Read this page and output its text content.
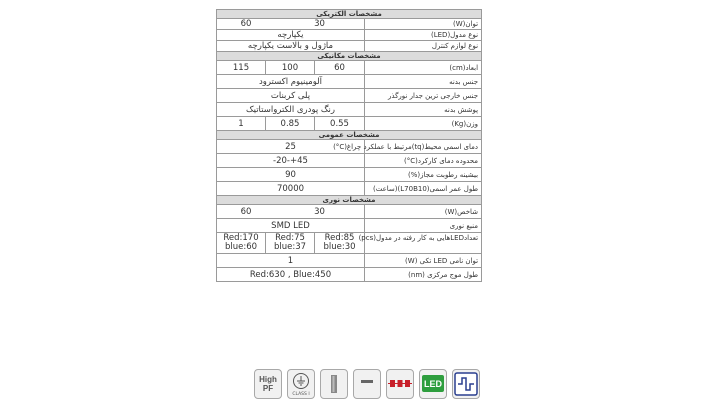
مشخصات الکتریکی			

60 30			توان(W)
یکپارچه			نوع مدول(LED)
ماژول و بالاست یکپارچه			نوع لوازم کنترل
مشخصات مکانیکی			
115	100	60	ابعاد(cm)
آلومینیوم اکسترود			جنس بدنه
پلی کربنات			جنس خارجی ترین جدار نورگذر
رنگ پودری الکترواستاتیک			پوشش بدنه
1	0.85	0.55	وزن(Kg)
مشخصات عمومی			
25			دمای اسمی محیط(tq)مرتبط با عملکرد چراغ(C°)
-20-+45			محدوده دمای کارکرد(C°)
90			بیشینه رطوبت مجاز(%)
70000			طول عمر اسمی(L70B10)(ساعت)
مشخصات نوری			

60 30			شاخص(W)
SMD LED			منبع نوری
Red:170
blue:60	Red:75
blue:37	Red:85
blue:30	تعدادLEDهایی به کار رفته در مدول(pcs)
1			توان نامی LED تکی (W)
Red:630 , Blue:450			طول موج مرکزی (nm)
High
PF
CLASS I
LED
